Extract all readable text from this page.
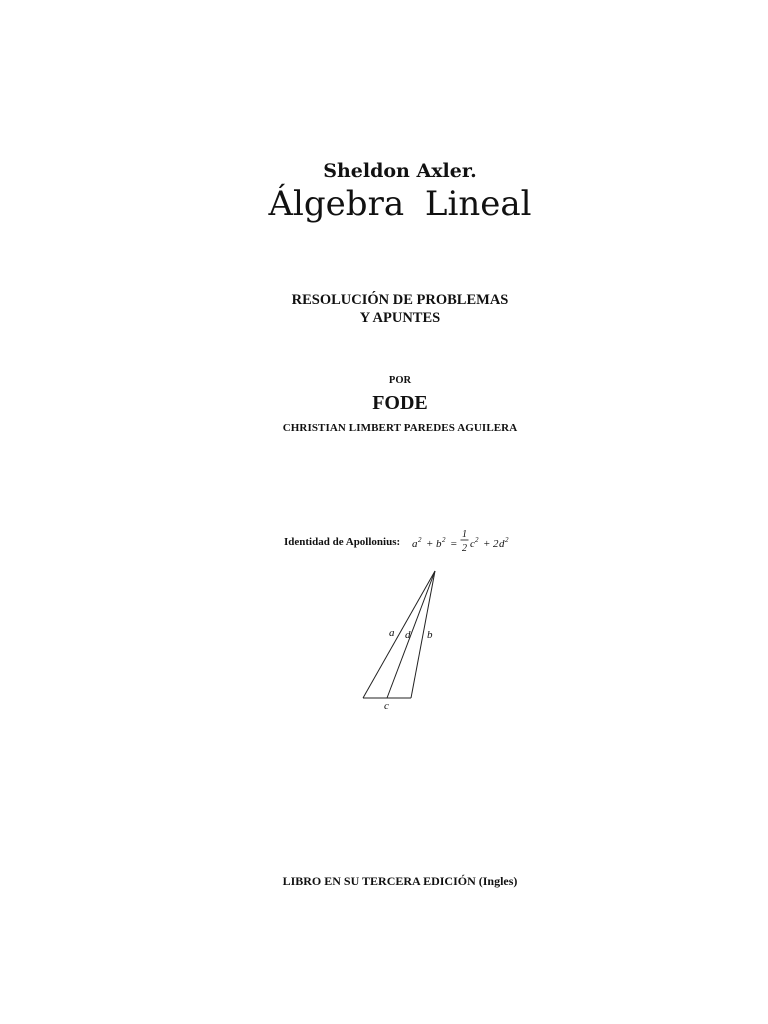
Sheldon Axler.
Álgebra Lineal
RESOLUCIÓN DE PROBLEMAS
Y APUNTES
POR
FODE
CHRISTIAN LIMBERT PAREDES AGUILERA
Identidad de Apollonius: a 2 + b 2 =
1
2 c 2 + 2 d 2
a d b
c
LIBRO EN SU TERCERA EDICIÓN (Ingles)
